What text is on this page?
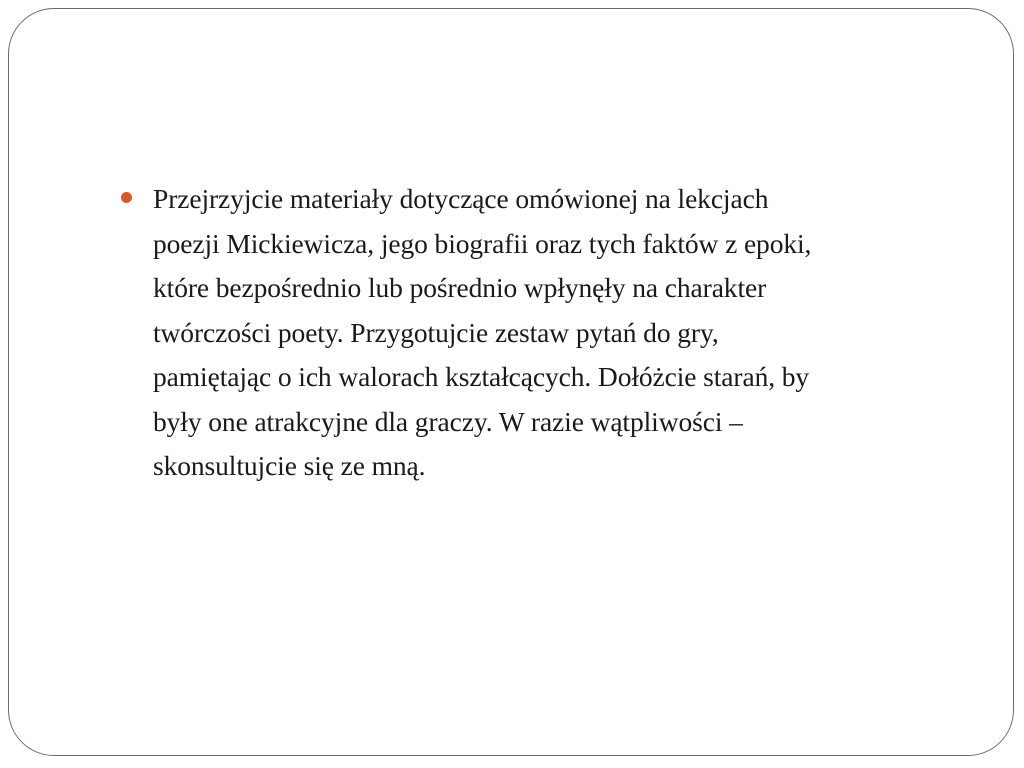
Przejrzyjcie materiały dotyczące omówionej na lekcjach
poezji Mickiewicza, jego biografii oraz tych faktów z epoki,
które bezpośrednio lub pośrednio wpłynęły na charakter
twórczości poety. Przygotujcie zestaw pytań do gry,
pamiętając o ich walorach kształcących. Dołóżcie starań, by
były one atrakcyjne dla graczy. W razie wątpliwości –
skonsultujcie się ze mną.
